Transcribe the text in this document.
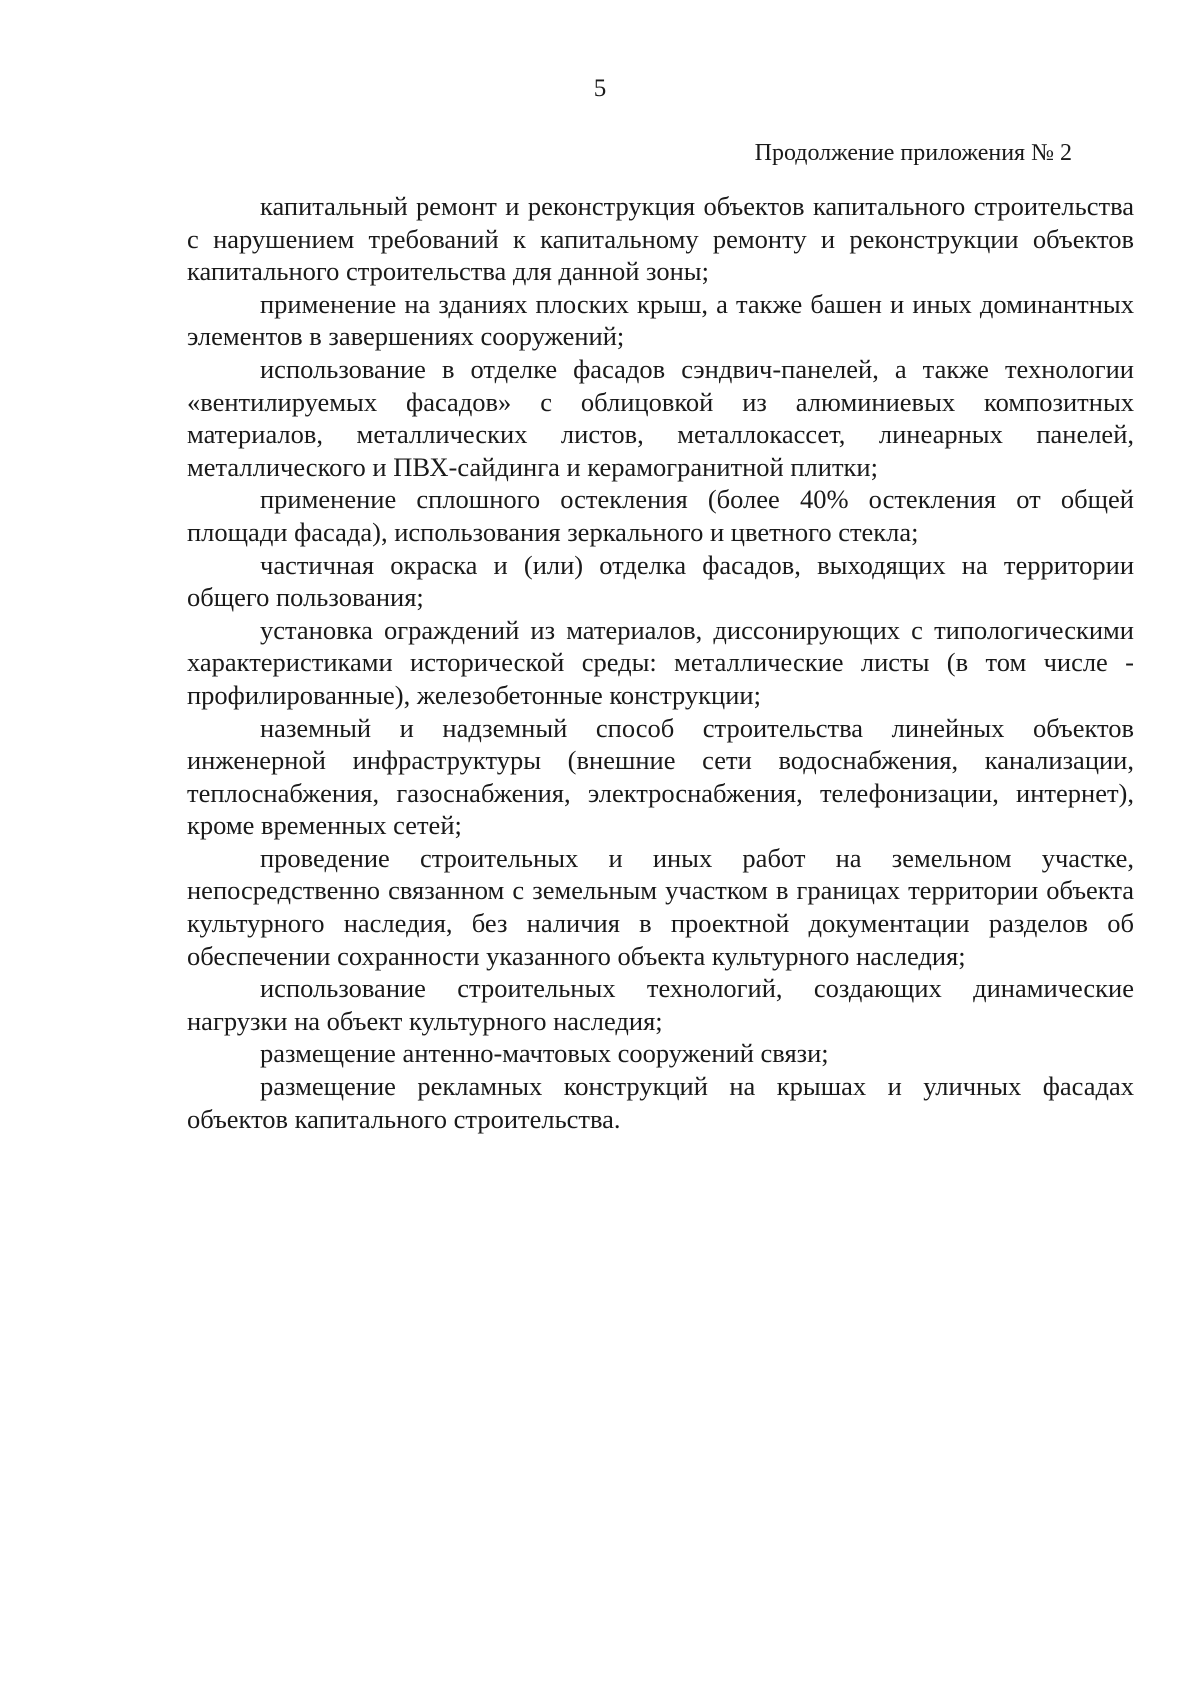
5
Продолжение приложения № 2

капитальный ремонт и реконструкция объектов капитального строительства с нарушением требований к капитальному ремонту и реконструкции объектов капитального строительства для данной зоны;

применение на зданиях плоских крыш, а также башен и иных доминантных элементов в завершениях сооружений;

использование в отделке фасадов сэндвич-панелей, а также технологии «вентилируемых фасадов» с облицовкой из алюминиевых композитных материалов, металлических листов, металлокассет, линеарных панелей, металлического и ПВХ-сайдинга и керамогранитной плитки;

применение сплошного остекления (более 40% остекления от общей площади фасада), использования зеркального и цветного стекла;

частичная окраска и (или) отделка фасадов, выходящих на территории общего пользования;

установка ограждений из материалов, диссонирующих с типологическими характеристиками исторической среды: металлические листы (в том числе - профилированные), железобетонные конструкции;

наземный и надземный способ строительства линейных объектов инженерной инфраструктуры (внешние сети водоснабжения, канализации, теплоснабжения, газоснабжения, электроснабжения, телефонизации, интернет), кроме временных сетей;

проведение строительных и иных работ на земельном участке, непосредственно связанном с земельным участком в границах территории объекта культурного наследия, без наличия в проектной документации разделов об обеспечении сохранности указанного объекта культурного наследия;

использование строительных технологий, создающих динамические нагрузки на объект культурного наследия;

размещение антенно-мачтовых сооружений связи;

размещение рекламных конструкций на крышах и уличных фасадах объектов капитального строительства.
